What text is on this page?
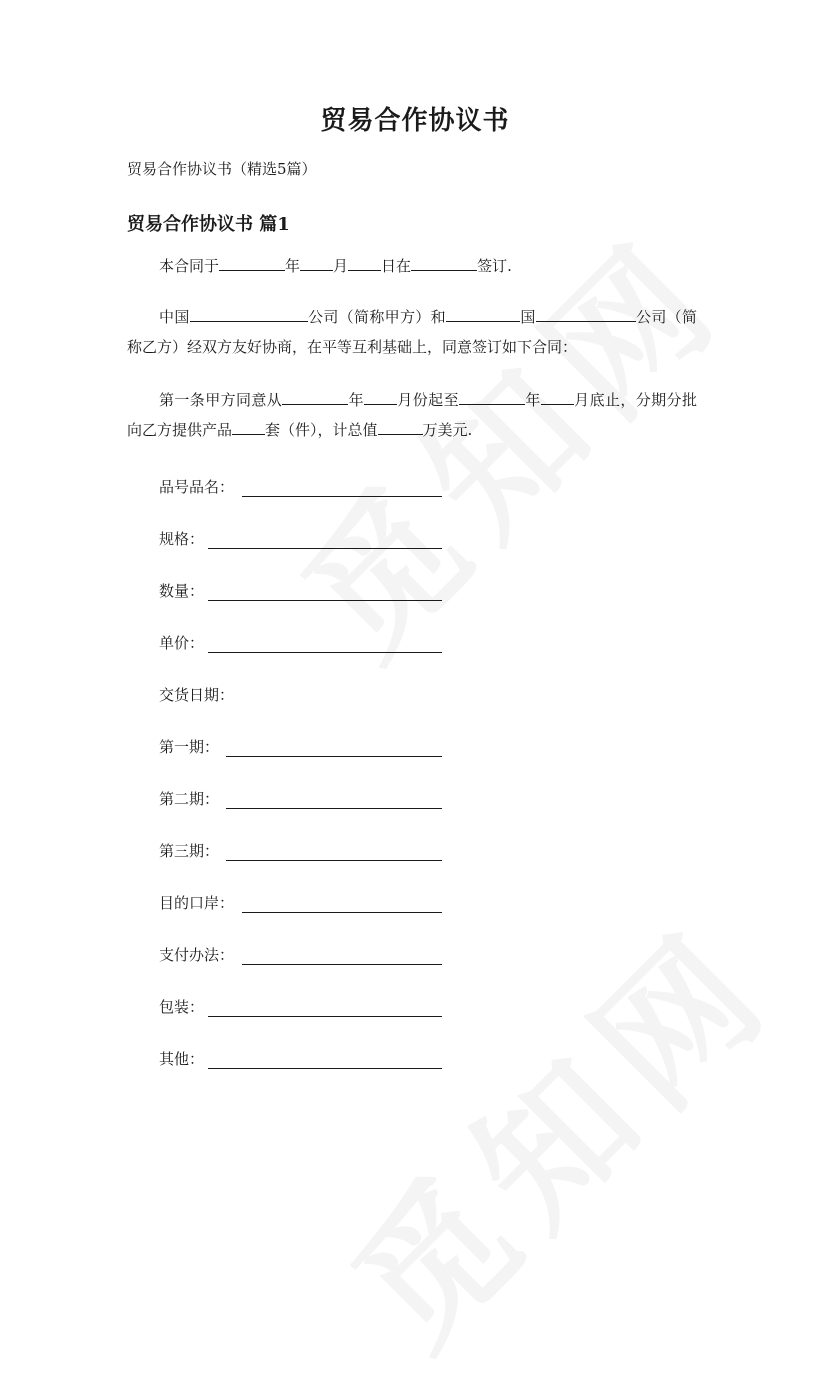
贸易合作协议书
贸易合作协议书（精选5篇）
贸易合作协议书 篇1
本合同于	年 月 日在	签订.
中国	公司（简称甲方）和	国	公司（简称乙方）经双方友好协商，在平等互利基础上，同意签订如下合同：
第一条甲方同意从	年 月份起至	年 月底止，分期分批向乙方提供产品 套（件），计总值	万美元.
品号品名：
规格：
数量：
单价：
交货日期：
第一期：
第二期：
第三期：
目的口岸：
支付办法：
包装：
其他：
